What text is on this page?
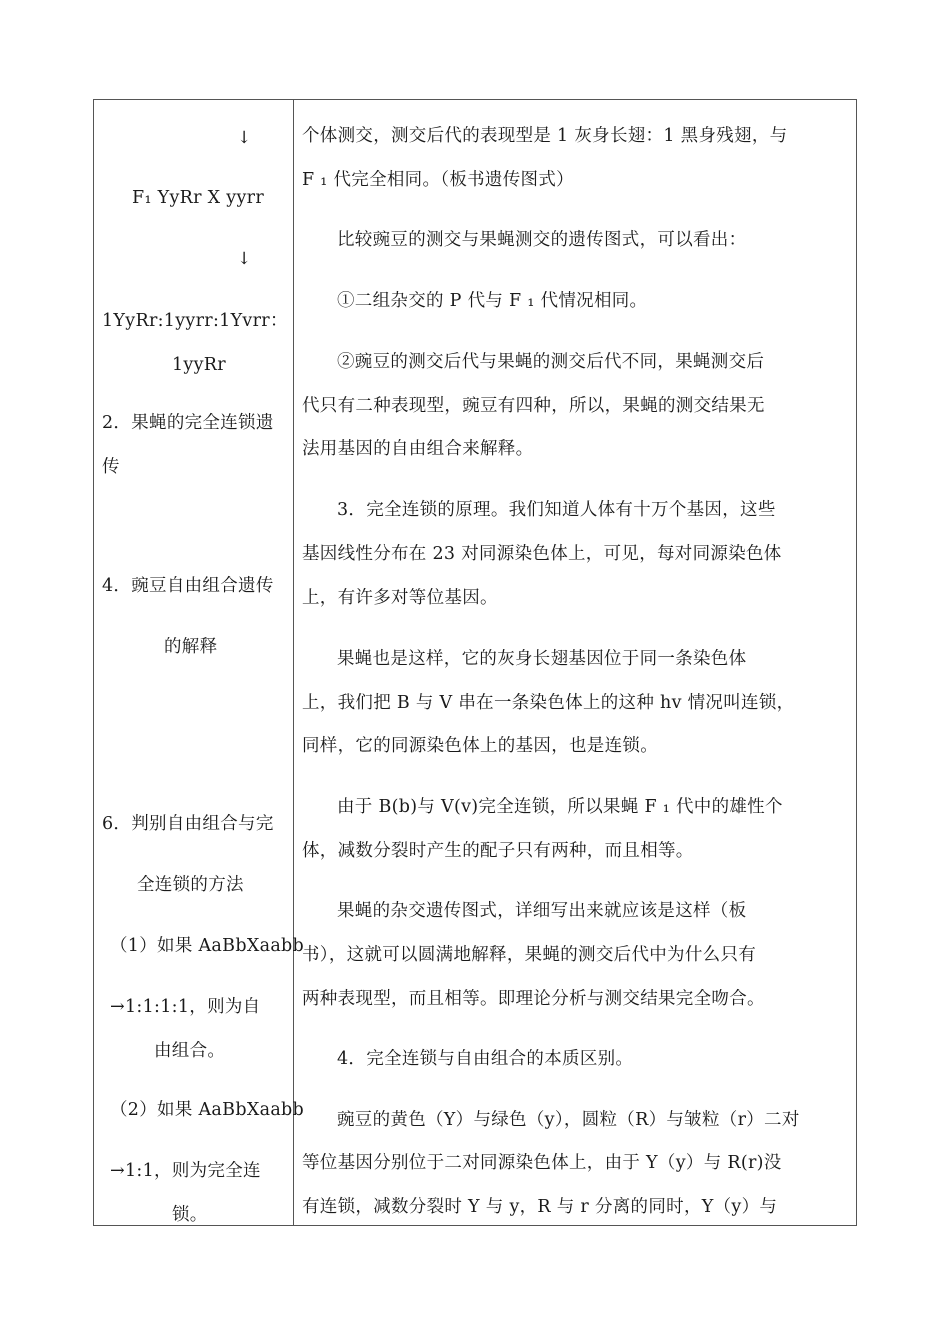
↓
F₁ YyRr X yyrr
↓
1YyRr:1yyrr:1Yvrr：
1yyRr
2．果蝇的完全连锁遗
传
4．豌豆自由组合遗传
的解释
6．判别自由组合与完
全连锁的方法
（1）如果 AaBbXaabb
→1:1:1:1，则为自
由组合。
（2）如果 AaBbXaabb
→1:1，则为完全连
锁。
个体测交，测交后代的表现型是 1 灰身长翅：1 黑身残翅，与
F ₁ 代完全相同。（板书遗传图式）
比较豌豆的测交与果蝇测交的遗传图式，可以看出：
①二组杂交的 P 代与 F ₁ 代情况相同。
②豌豆的测交后代与果蝇的测交后代不同，果蝇测交后
代只有二种表现型，豌豆有四种，所以，果蝇的测交结果无
法用基因的自由组合来解释。
3．完全连锁的原理。我们知道人体有十万个基因，这些
基因线性分布在 23 对同源染色体上，可见，每对同源染色体
上，有许多对等位基因。
果蝇也是这样，它的灰身长翅基因位于同一条染色体
上，我们把 B 与 V 串在一条染色体上的这种 hv 情况叫连锁，
同样，它的同源染色体上的基因，也是连锁。
由于 B(b)与 V(v)完全连锁，所以果蝇 F ₁ 代中的雄性个
体，减数分裂时产生的配子只有两种，而且相等。
果蝇的杂交遗传图式，详细写出来就应该是这样（板
书），这就可以圆满地解释，果蝇的测交后代中为什么只有
两种表现型，而且相等。即理论分析与测交结果完全吻合。
4．完全连锁与自由组合的本质区别。
豌豆的黄色（Y）与绿色（y），圆粒（R）与皱粒（r）二对
等位基因分别位于二对同源染色体上，由于 Y（y）与 R(r)没
有连锁，减数分裂时 Y 与 y，R 与 r 分离的同时，Y（y）与
